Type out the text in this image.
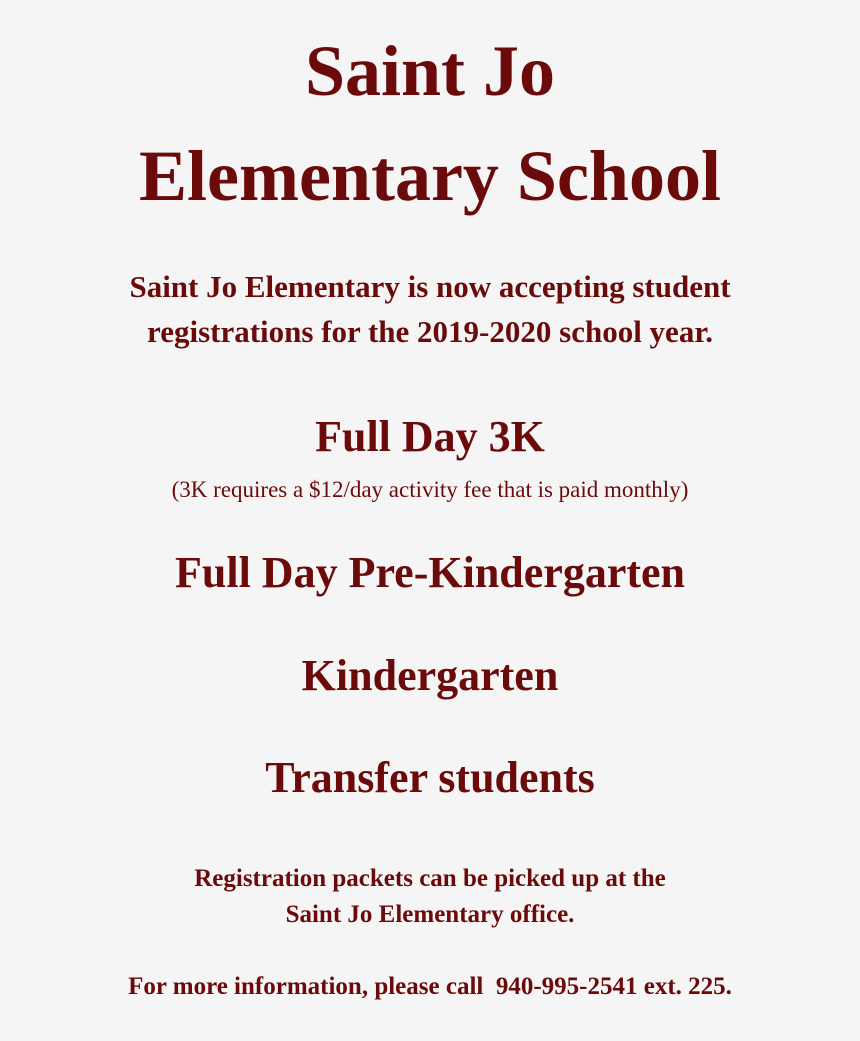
Saint Jo
Elementary School
Saint Jo Elementary is now accepting student
registrations for the 2019-2020 school year.
Full Day 3K
(3K requires a $12/day activity fee that is paid monthly)
Full Day Pre-Kindergarten
Kindergarten
Transfer students
Registration packets can be picked up at the
Saint Jo Elementary office.
For more information, please call  940-995-2541 ext. 225.
